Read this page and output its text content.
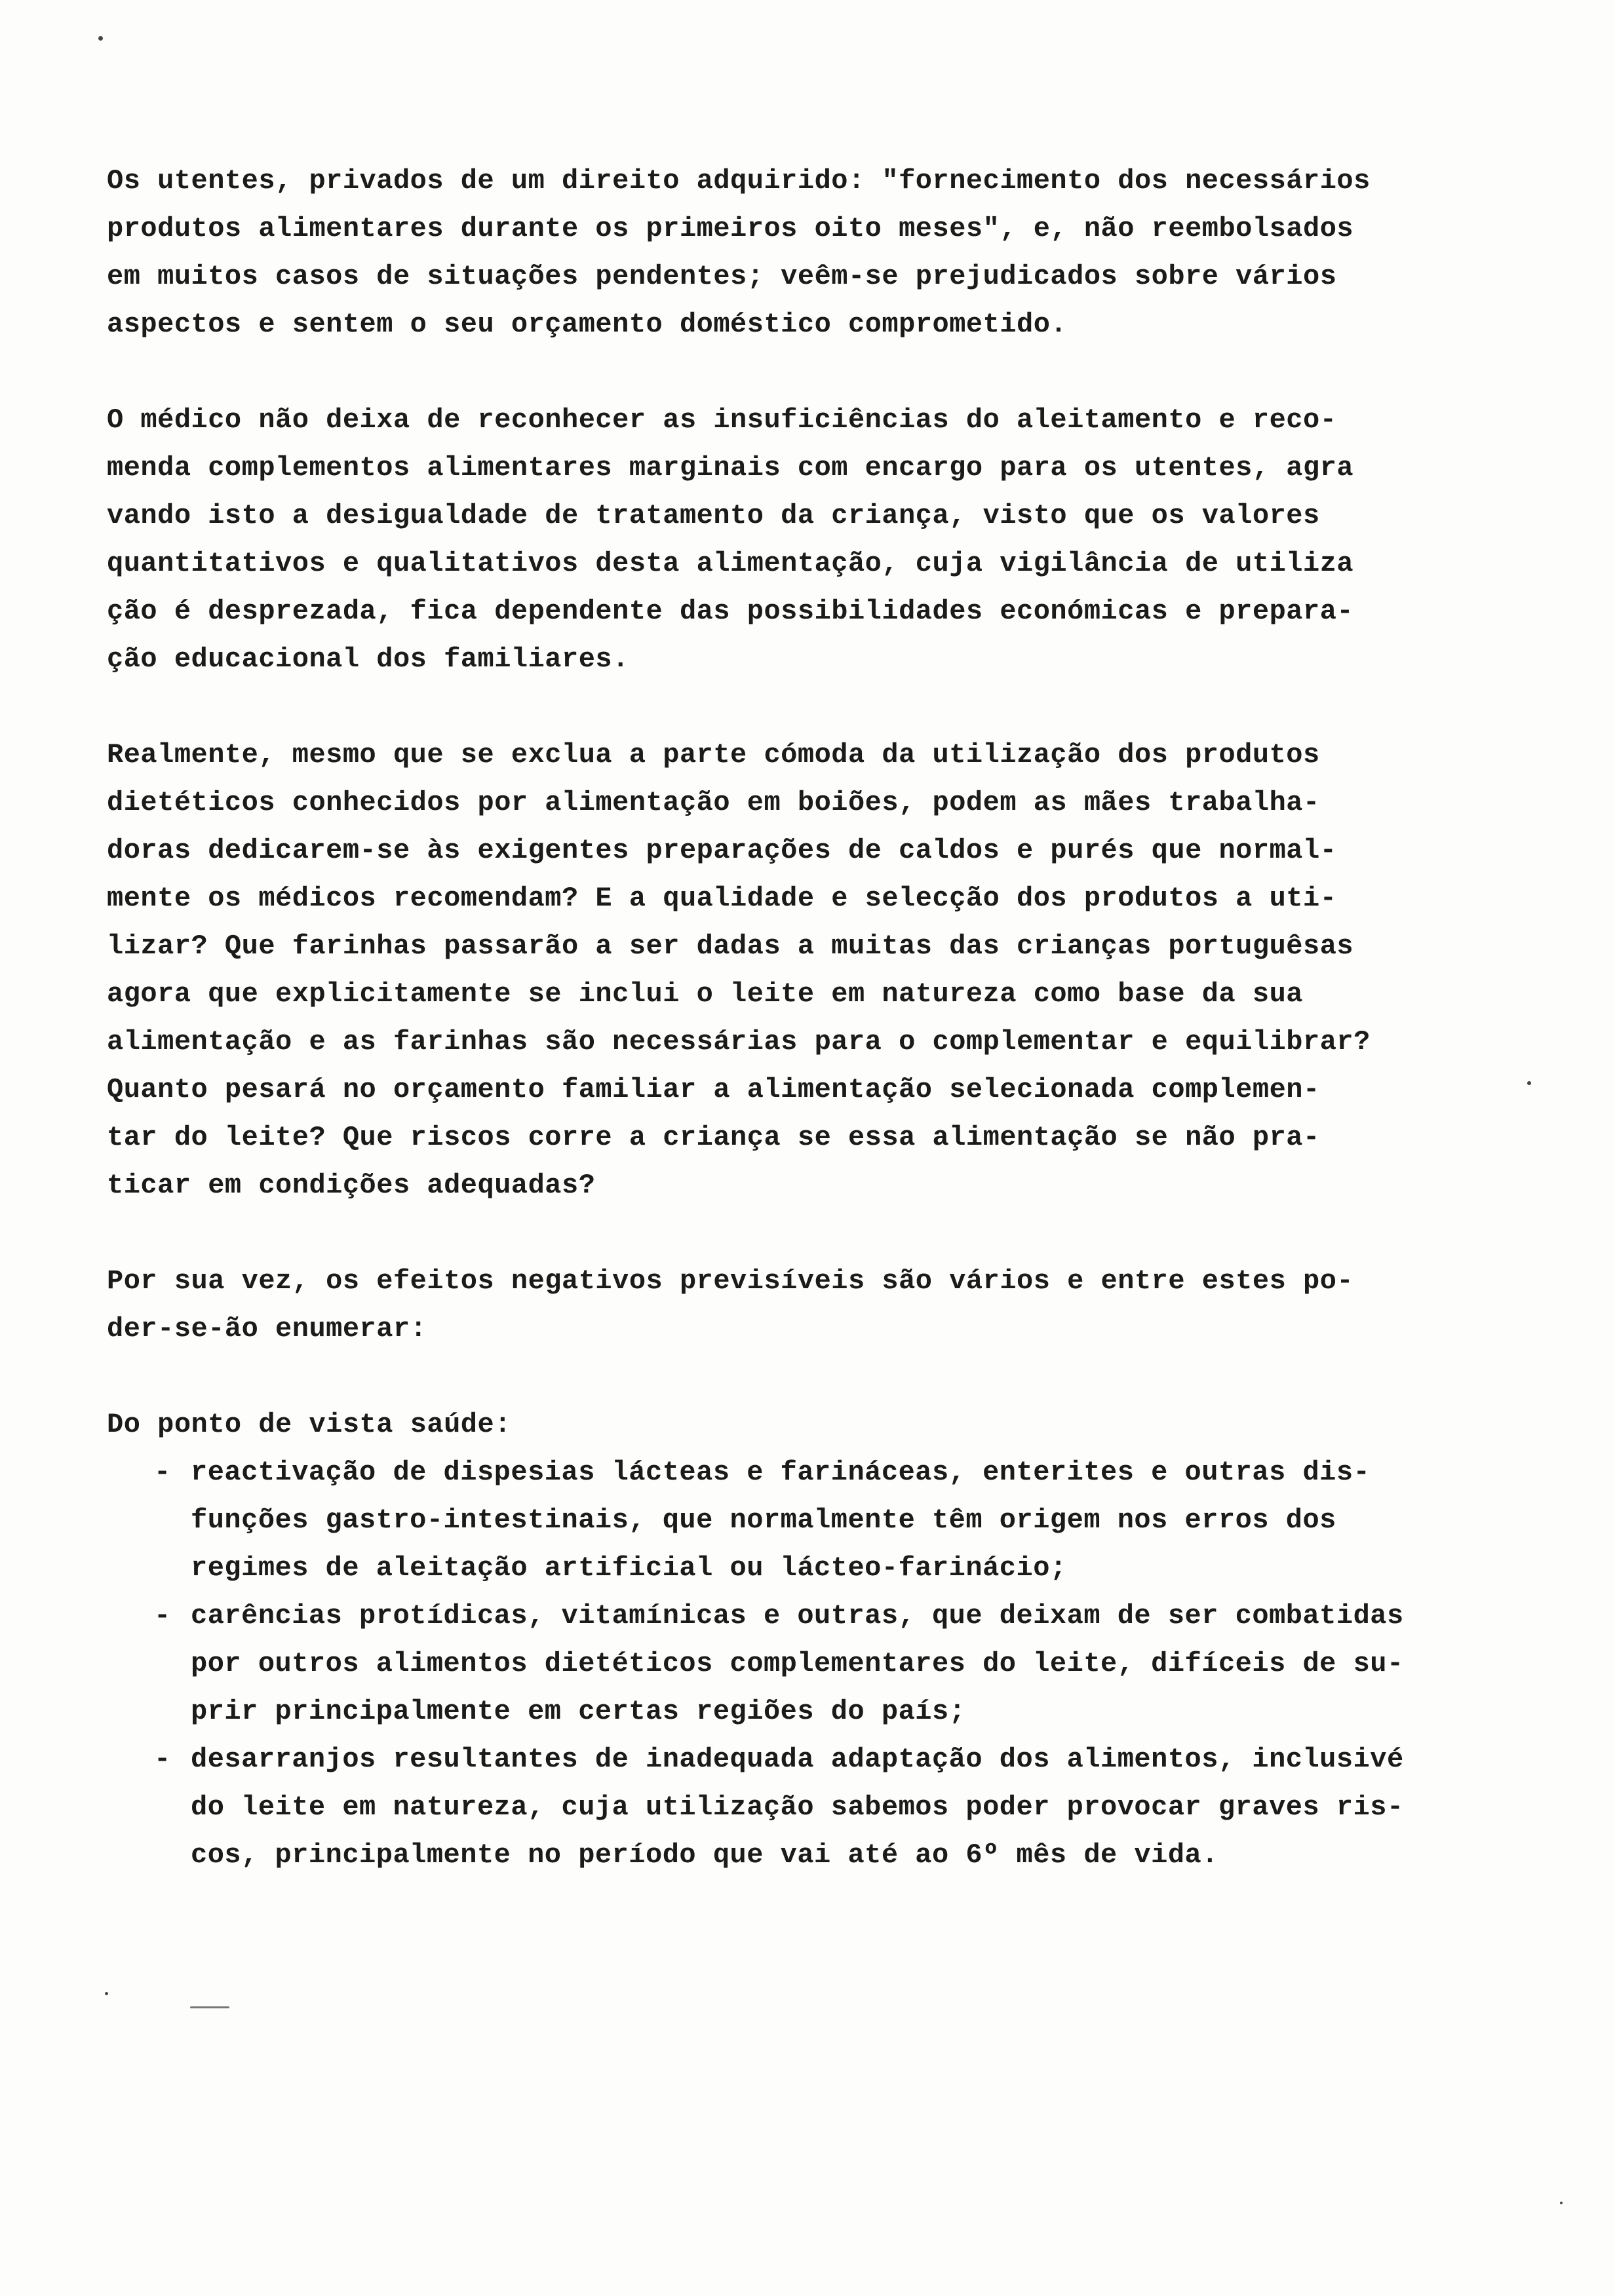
Os utentes, privados de um direito adquirido: "fornecimento dos necessários
produtos alimentares durante os primeiros oito meses", e, não reembolsados
em muitos casos de situações pendentes; veêm-se prejudicados sobre vários
aspectos e sentem o seu orçamento doméstico comprometido.

O médico não deixa de reconhecer as insuficiências do aleitamento e reco-
menda complementos alimentares marginais com encargo para os utentes, agra
vando isto a desigualdade de tratamento da criança, visto que os valores
quantitativos e qualitativos desta alimentação, cuja vigilância de utiliza
ção é desprezada, fica dependente das possibilidades económicas e prepara-
ção educacional dos familiares.

Realmente, mesmo que se exclua a parte cómoda da utilização dos produtos
dietéticos conhecidos por alimentação em boiões, podem as mães trabalha-
doras dedicarem-se às exigentes preparações de caldos e purés que normal-
mente os médicos recomendam? E a qualidade e selecção dos produtos a uti-
lizar? Que farinhas passarão a ser dadas a muitas das crianças portuguêsas
agora que explicitamente se inclui o leite em natureza como base da sua
alimentação e as farinhas são necessárias para o complementar e equilibrar?
Quanto pesará no orçamento familiar a alimentação selecionada complemen-
tar do leite? Que riscos corre a criança se essa alimentação se não pra-
ticar em condições adequadas?

Por sua vez, os efeitos negativos previsíveis são vários e entre estes po-
der-se-ão enumerar:

Do ponto de vista saúde:
- reactivação de dispesias lácteas e farináceas, enterites e outras dis-
funções gastro-intestinais, que normalmente têm origem nos erros dos
regimes de aleitação artificial ou lácteo-farinácio;
- carências protídicas, vitamínicas e outras, que deixam de ser combatidas
por outros alimentos dietéticos complementares do leite, difíceis de su-
prir principalmente em certas regiões do país;
- desarranjos resultantes de inadequada adaptação dos alimentos, inclusivé
do leite em natureza, cuja utilização sabemos poder provocar graves ris-
cos, principalmente no período que vai até ao 6º mês de vida.
